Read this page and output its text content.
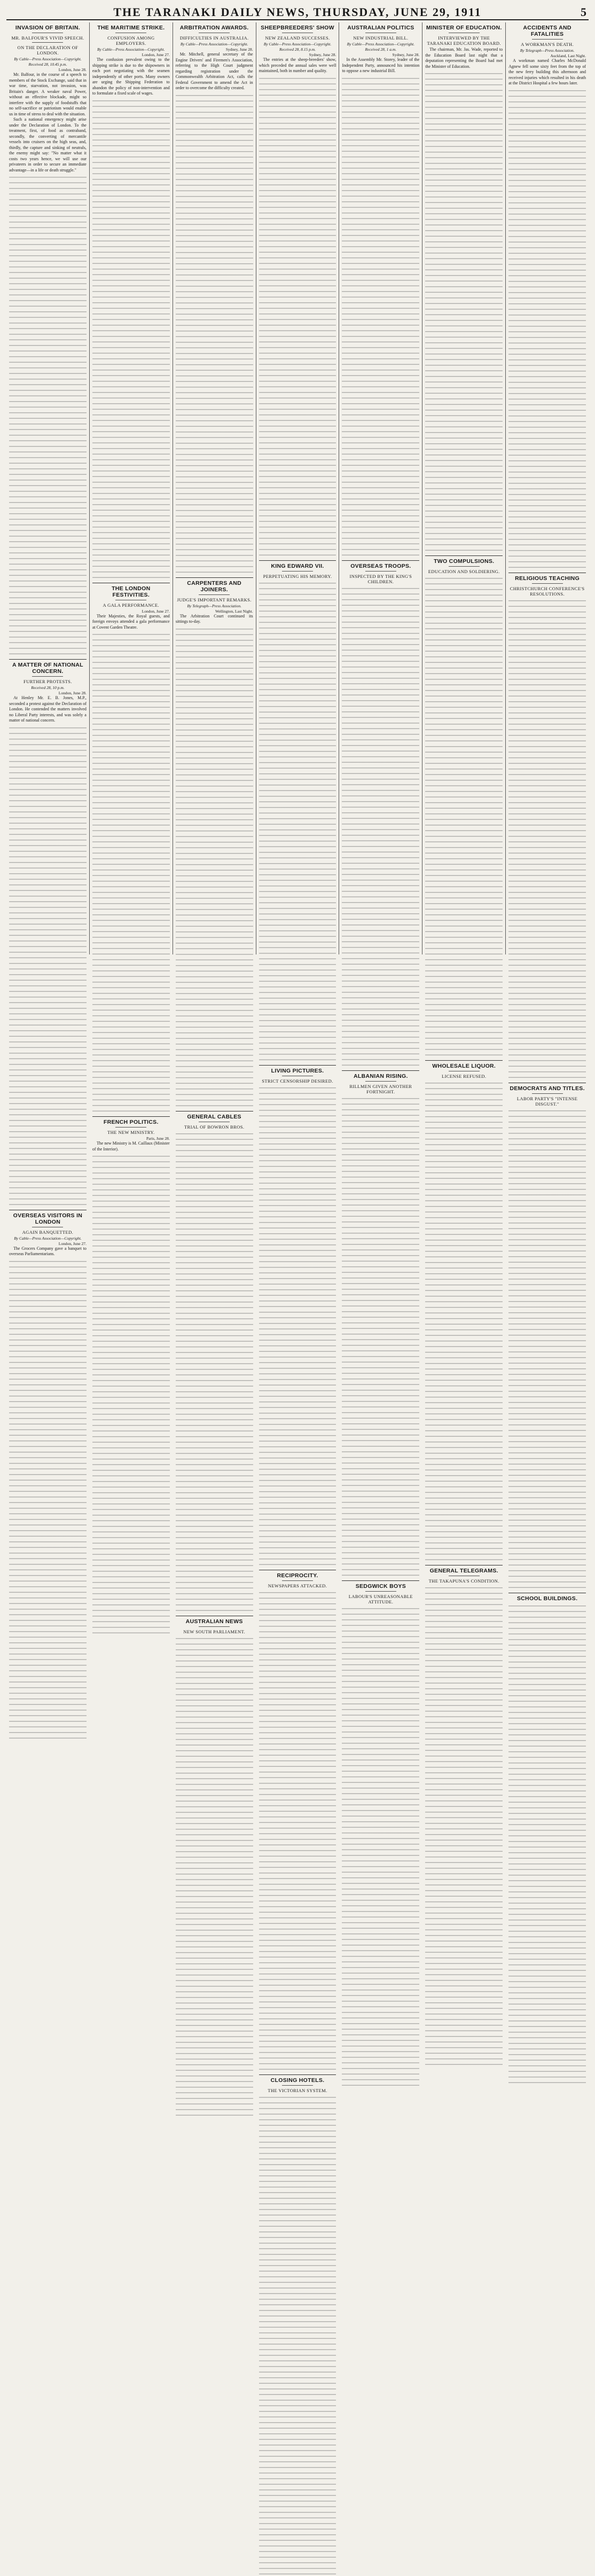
THE TARANAKI DAILY NEWS, THURSDAY, JUNE 29, 1911	5
INVASION OF BRITAIN.
MR. BALFOUR'S VIVID SPEECH.
ON THE DECLARATION OF LONDON.
By Cable—Press Association—Copyright.
Received 28, 10.45 p.m.
London, June 28.

Mr. Balfour, in the course of a speech to members of the Stock Exchange, said that in war time, starvation, not invasion, was Britain's danger. A weaker naval Power, without an effective blockade, might so interfere with the supply of foodstuffs that no self-sacrifice or patriotism would enable us in time of stress to deal with the situation.

Such a national emergency might arise under the Declaration of London. To the treatment, first, of food as contraband, secondly, the converting of mercantile vessels into cruisers on the high seas, and, thirdly, the capture and sinking of neutrals, the enemy might say: "No matter what it costs two years hence, we will use our privateers in order to secure an immediate advantage—in a life or death struggle."

A MATTER OF NATIONAL CONCERN.
FURTHER PROTESTS.
Received 28, 10 p.m.
London, June 28.

At Henley Mr. E. B. Jones, M.P., seconded a protest against the Declaration of London. He contended the matters involved no Liberal Party interests, and was solely a matter of national concern.

OVERSEAS VISITORS IN LONDON
AGAIN BANQUETTED.
By Cable—Press Association—Copyright.
London, June 27.

The Grocers Company gave a banquet to overseas Parliamentarians.

THE MARITIME STRIKE.
CONFUSION AMONG EMPLOYERS.
By Cable—Press Association—Copyright.
London, June 27.

The confusion prevalent owing to the shipping strike is due to the shipowners in each port negotiating with the seamen independently of other ports. Many owners are urging the Shipping Federation to abandon the policy of non-intervention and to formulate a fixed scale of wages.

THE LONDON FESTIVITIES.
A GALA PERFORMANCE.
London, June 27.

Their Majesties, the Royal guests, and foreign envoys attended a gala performance at Covent Garden Theatre.

FRENCH POLITICS.
THE NEW MINISTRY.
Paris, June 28.

The new Ministry is M. Caillaux (Minister of the Interior).

ARBITRATION AWARDS.
DIFFICULTIES IN AUSTRALIA.
By Cable—Press Association—Copyright.
Sydney, June 28.

Mr. Mitchell, general secretary of the Engine Drivers' and Firemen's Association, referring to the High Court judgment regarding registration under the Commonwealth Arbitration Act, calls the Federal Government to amend the Act in order to overcome the difficulty created.

CARPENTERS AND JOINERS.
JUDGE'S IMPORTANT REMARKS.
By Telegraph—Press Association.
Wellington, Last Night.

The Arbitration Court continued its sittings to-day.

GENERAL CABLES
TRIAL OF BOWRON BROS.
AUSTRALIAN NEWS
NEW SOUTH PARLIAMENT.
SHEEPBREEDERS' SHOW
NEW ZEALAND SUCCESSES.
By Cable—Press Association—Copyright.
Received 28, 8.15 p.m.
Sydney, June 28.

The entries at the sheep-breeders' show, which preceded the annual sales were well maintained, both in number and quality.

KING EDWARD VII.
PERPETUATING HIS MEMORY.
LIVING PICTURES.
STRICT CENSORSHIP DESIRED.
RECIPROCITY.
NEWSPAPERS ATTACKED.
CLOSING HOTELS.
THE VICTORIAN SYSTEM.
AUSTRALIAN POLITICS
NEW INDUSTRIAL BILL.
By Cable—Press Association—Copyright.
Received 28, 1 a.m.
Sydney, June 28.

In the Assembly Mr. Storey, leader of the Independent Party, announced his intention to oppose a new industrial Bill.

OVERSEAS TROOPS.
INSPECTED BY THE KING'S CHILDREN.
ALBANIAN RISING.
RILLMEN GIVEN ANOTHER FORTNIGHT.
SEDGWICK BOYS
LABOUR'S UNREASONABLE ATTITUDE.
MINISTER OF EDUCATION.
INTERVIEWED BY THE TARANAKI EDUCATION BOARD.

The chairman, Mr. Jas. Wade, reported to the Education Board last night that a deputation representing the Board had met the Minister of Education.

TWO COMPULSIONS.
EDUCATION AND SOLDIERING.
WHOLESALE LIQUOR.
LICENSE REFUSED.
GENERAL TELEGRAMS.
THE TAKAPUNA'S CONDITION.
ACCIDENTS AND FATALITIES
A WORKMAN'S DEATH.
By Telegraph—Press Association.
Auckland, Last Night.

A workman named Charles McDonald Agnew fell some sixty feet from the top of the new ferry building this afternoon and received injuries which resulted in his death at the District Hospital a few hours later.

RELIGIOUS TEACHING
CHRISTCHURCH CONFERENCE'S RESOLUTIONS.
DEMOCRATS AND TITLES.
LABOR PARTY'S "INTENSE DISGUST."
SCHOOL BUILDINGS.
